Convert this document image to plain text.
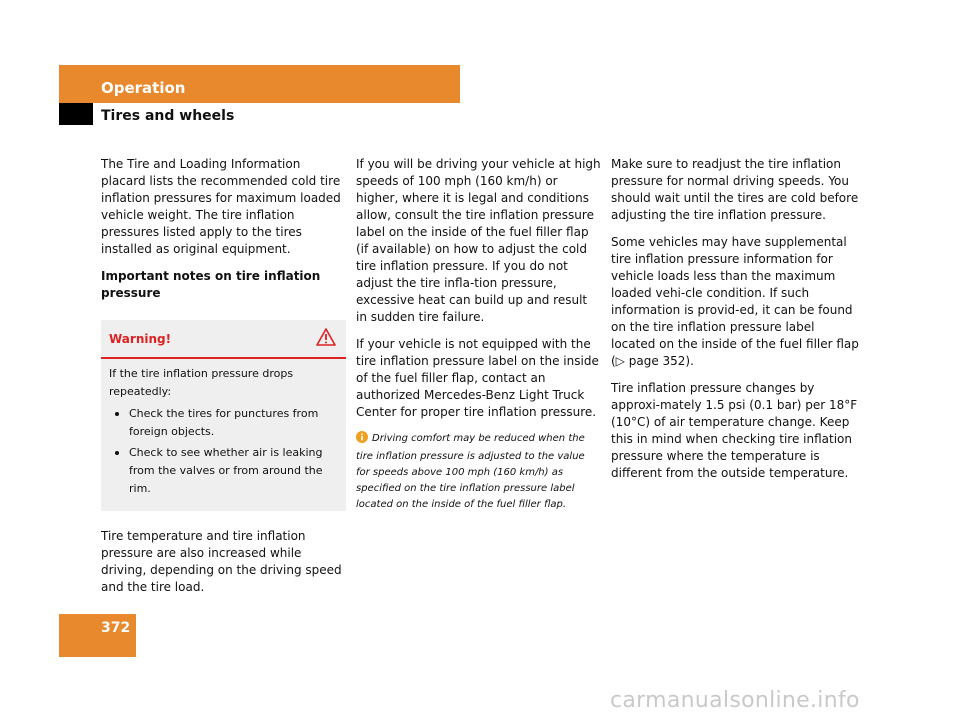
Operation
Tires and wheels

The Tire and Loading Information placard lists the recommended cold tire inflation pressures for maximum loaded vehicle weight. The tire inflation pressures listed apply to the tires installed as original equipment.

Important notes on tire inflation pressure

Warning!
If the tire inflation pressure drops repeatedly:
Check the tires for punctures from foreign objects.
Check to see whether air is leaking from the valves or from around the rim.

Tire temperature and tire inflation pressure are also increased while driving, depending on the driving speed and the tire load.

If you will be driving your vehicle at high speeds of 100 mph (160 km/h) or higher, where it is legal and conditions allow, consult the tire inflation pressure label on the inside of the fuel filler flap (if available) on how to adjust the cold tire inflation pressure. If you do not adjust the tire infla-tion pressure, excessive heat can build up and result in sudden tire failure.

If your vehicle is not equipped with the tire inflation pressure label on the inside of the fuel filler flap, contact an authorized Mercedes-Benz Light Truck Center for proper tire inflation pressure.

Driving comfort may be reduced when the tire inflation pressure is adjusted to the value for speeds above 100 mph (160 km/h) as specified on the tire inflation pressure label located on the inside of the fuel filler flap.

Make sure to readjust the tire inflation pressure for normal driving speeds. You should wait until the tires are cold before adjusting the tire inflation pressure.

Some vehicles may have supplemental tire inflation pressure information for vehicle loads less than the maximum loaded vehi-cle condition. If such information is provid-ed, it can be found on the tire inflation pressure label located on the inside of the fuel filler flap (▷ page 352).

Tire inflation pressure changes by approxi-mately 1.5 psi (0.1 bar) per 18°F (10°C) of air temperature change. Keep this in mind when checking tire inflation pressure where the temperature is different from the outside temperature.

372
carmanualsonline.info
